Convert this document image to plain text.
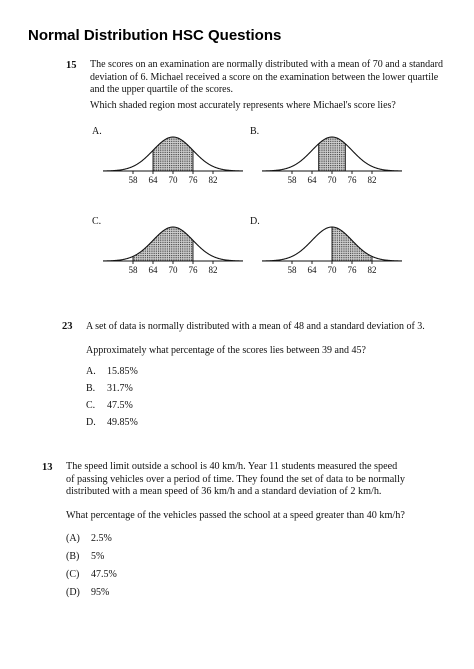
Normal Distribution HSC Questions
15 The scores on an examination are normally distributed with a mean of 70 and a standard
deviation of 6. Michael received a score on the examination between the lower quartile
and the upper quartile of the scores.
Which shaded region most accurately represents where Michael's score lies?
A.	B.
C.	D.
58 64 70 76 82	58 64 70 76 82
58 64 70 76 82	58 64 70 76 82
23 A set of data is normally distributed with a mean of 48 and a standard deviation of 3.
Approximately what percentage of the scores lies between 39 and 45?
A. 15.85%
B. 31.7%
C. 47.5%
D. 49.85%
13 The speed limit outside a school is 40 km/h. Year 11 students measured the speed
of passing vehicles over a period of time. They found the set of data to be normally
distributed with a mean speed of 36 km/h and a standard deviation of 2 km/h.
What percentage of the vehicles passed the school at a speed greater than 40 km/h?
(A) 2.5%
(B) 5%
(C) 47.5%
(D) 95%
